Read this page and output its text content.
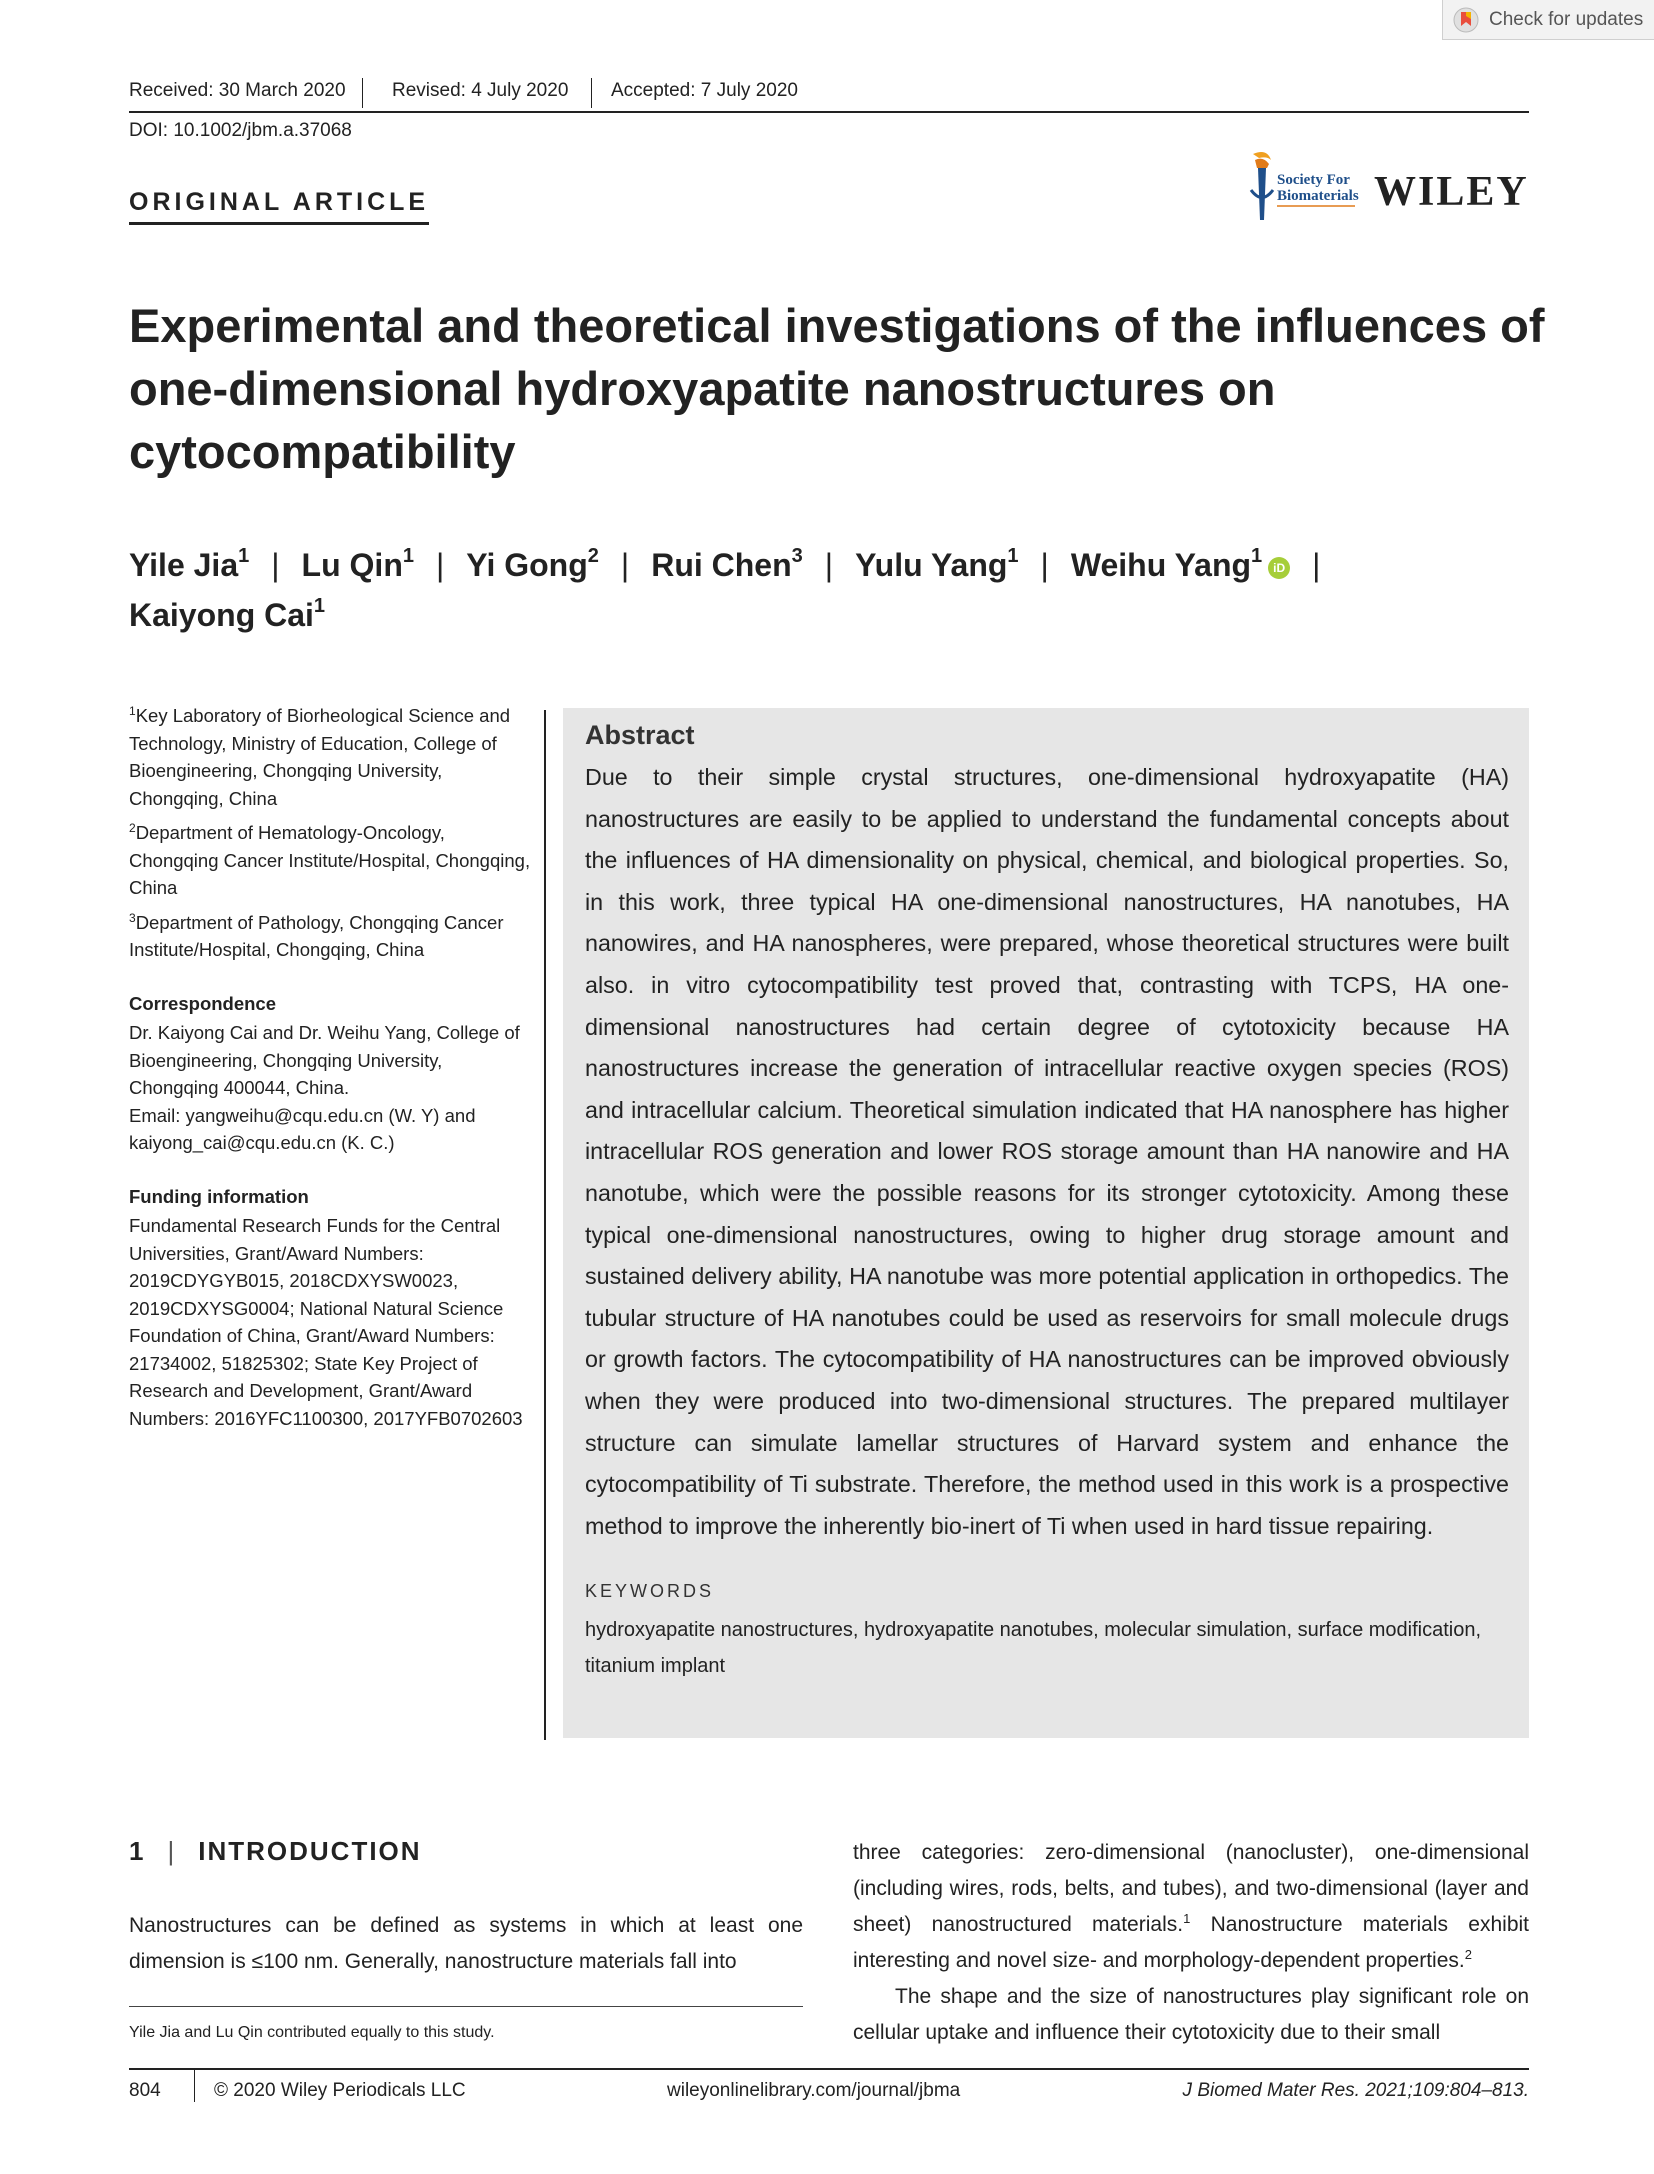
Check for updates
Received: 30 March 2020 Revised: 4 July 2020 Accepted: 7 July 2020
DOI: 10.1002/jbm.a.37068
ORIGINAL ARTICLE
Society For
Biomaterials WILEY
Experimental and theoretical investigations of the influences of one-dimensional hydroxyapatite nanostructures on cytocompatibility
Yile Jia$^1$ | Lu Qin$^1$ | Yi Gong$^2$ | Rui Chen$^3$ | Yulu Yang$^1$ | Weihu Yang$^1$iD |
Kaiyong Cai$^1$

$^1$Key Laboratory of Biorheological Science and Technology, Ministry of Education, College of Bioengineering, Chongqing University, Chongqing, China

$^2$Department of Hematology-Oncology, Chongqing Cancer Institute/Hospital, Chongqing, China

$^3$Department of Pathology, Chongqing Cancer Institute/Hospital, Chongqing, China

Correspondence
Dr. Kaiyong Cai and Dr. Weihu Yang, College of Bioengineering, Chongqing University, Chongqing 400044, China.
Email: yangweihu@cqu.edu.cn (W. Y) and kaiyong_cai@cqu.edu.cn (K. C.)
Funding information
Fundamental Research Funds for the Central Universities, Grant/Award Numbers: 2019CDYGYB015, 2018CDXYSW0023, 2019CDXYSG0004; National Natural Science Foundation of China, Grant/Award Numbers: 21734002, 51825302; State Key Project of Research and Development, Grant/Award Numbers: 2016YFC1100300, 2017YFB0702603
Abstract

Due to their simple crystal structures, one-dimensional hydroxyapatite (HA) nanostructures are easily to be applied to understand the fundamental concepts about the influences of HA dimensionality on physical, chemical, and biological properties. So, in this work, three typical HA one-dimensional nanostructures, HA nanotubes, HA nanowires, and HA nanospheres, were prepared, whose theoretical structures were built also. in vitro cytocompatibility test proved that, contrasting with TCPS, HA one-dimensional nanostructures had certain degree of cytotoxicity because HA nanostructures increase the generation of intracellular reactive oxygen species (ROS) and intracellular calcium. Theoretical simulation indicated that HA nanosphere has higher intracellular ROS generation and lower ROS storage amount than HA nanowire and HA nanotube, which were the possible reasons for its stronger cytotoxicity. Among these typical one-dimensional nanostructures, owing to higher drug storage amount and sustained delivery ability, HA nanotube was more potential application in orthopedics. The tubular structure of HA nanotubes could be used as reservoirs for small molecule drugs or growth factors. The cytocompatibility of HA nanostructures can be improved obviously when they were produced into two-dimensional structures. The prepared multilayer structure can simulate lamellar structures of Harvard system and enhance the cytocompatibility of Ti substrate. Therefore, the method used in this work is a prospective method to improve the inherently bio-inert of Ti when used in hard tissue repairing.

KEYWORDS
hydroxyapatite nanostructures, hydroxyapatite nanotubes, molecular simulation, surface modification, titanium implant
1 | INTRODUCTION
Nanostructures can be defined as systems in which at least one dimension is ≤100 nm. Generally, nanostructure materials fall into
Yile Jia and Lu Qin contributed equally to this study.

three categories: zero-dimensional (nanocluster), one-dimensional (including wires, rods, belts, and tubes), and two-dimensional (layer and sheet) nanostructured materials.$^1$ Nanostructure materials exhibit interesting and novel size- and morphology-dependent properties.$^2$

The shape and the size of nanostructures play significant role on cellular uptake and influence their cytotoxicity due to their small

804	© 2020 Wiley Periodicals LLC	wileyonlinelibrary.com/journal/jbma	J Biomed Mater Res. 2021;109:804–813.
